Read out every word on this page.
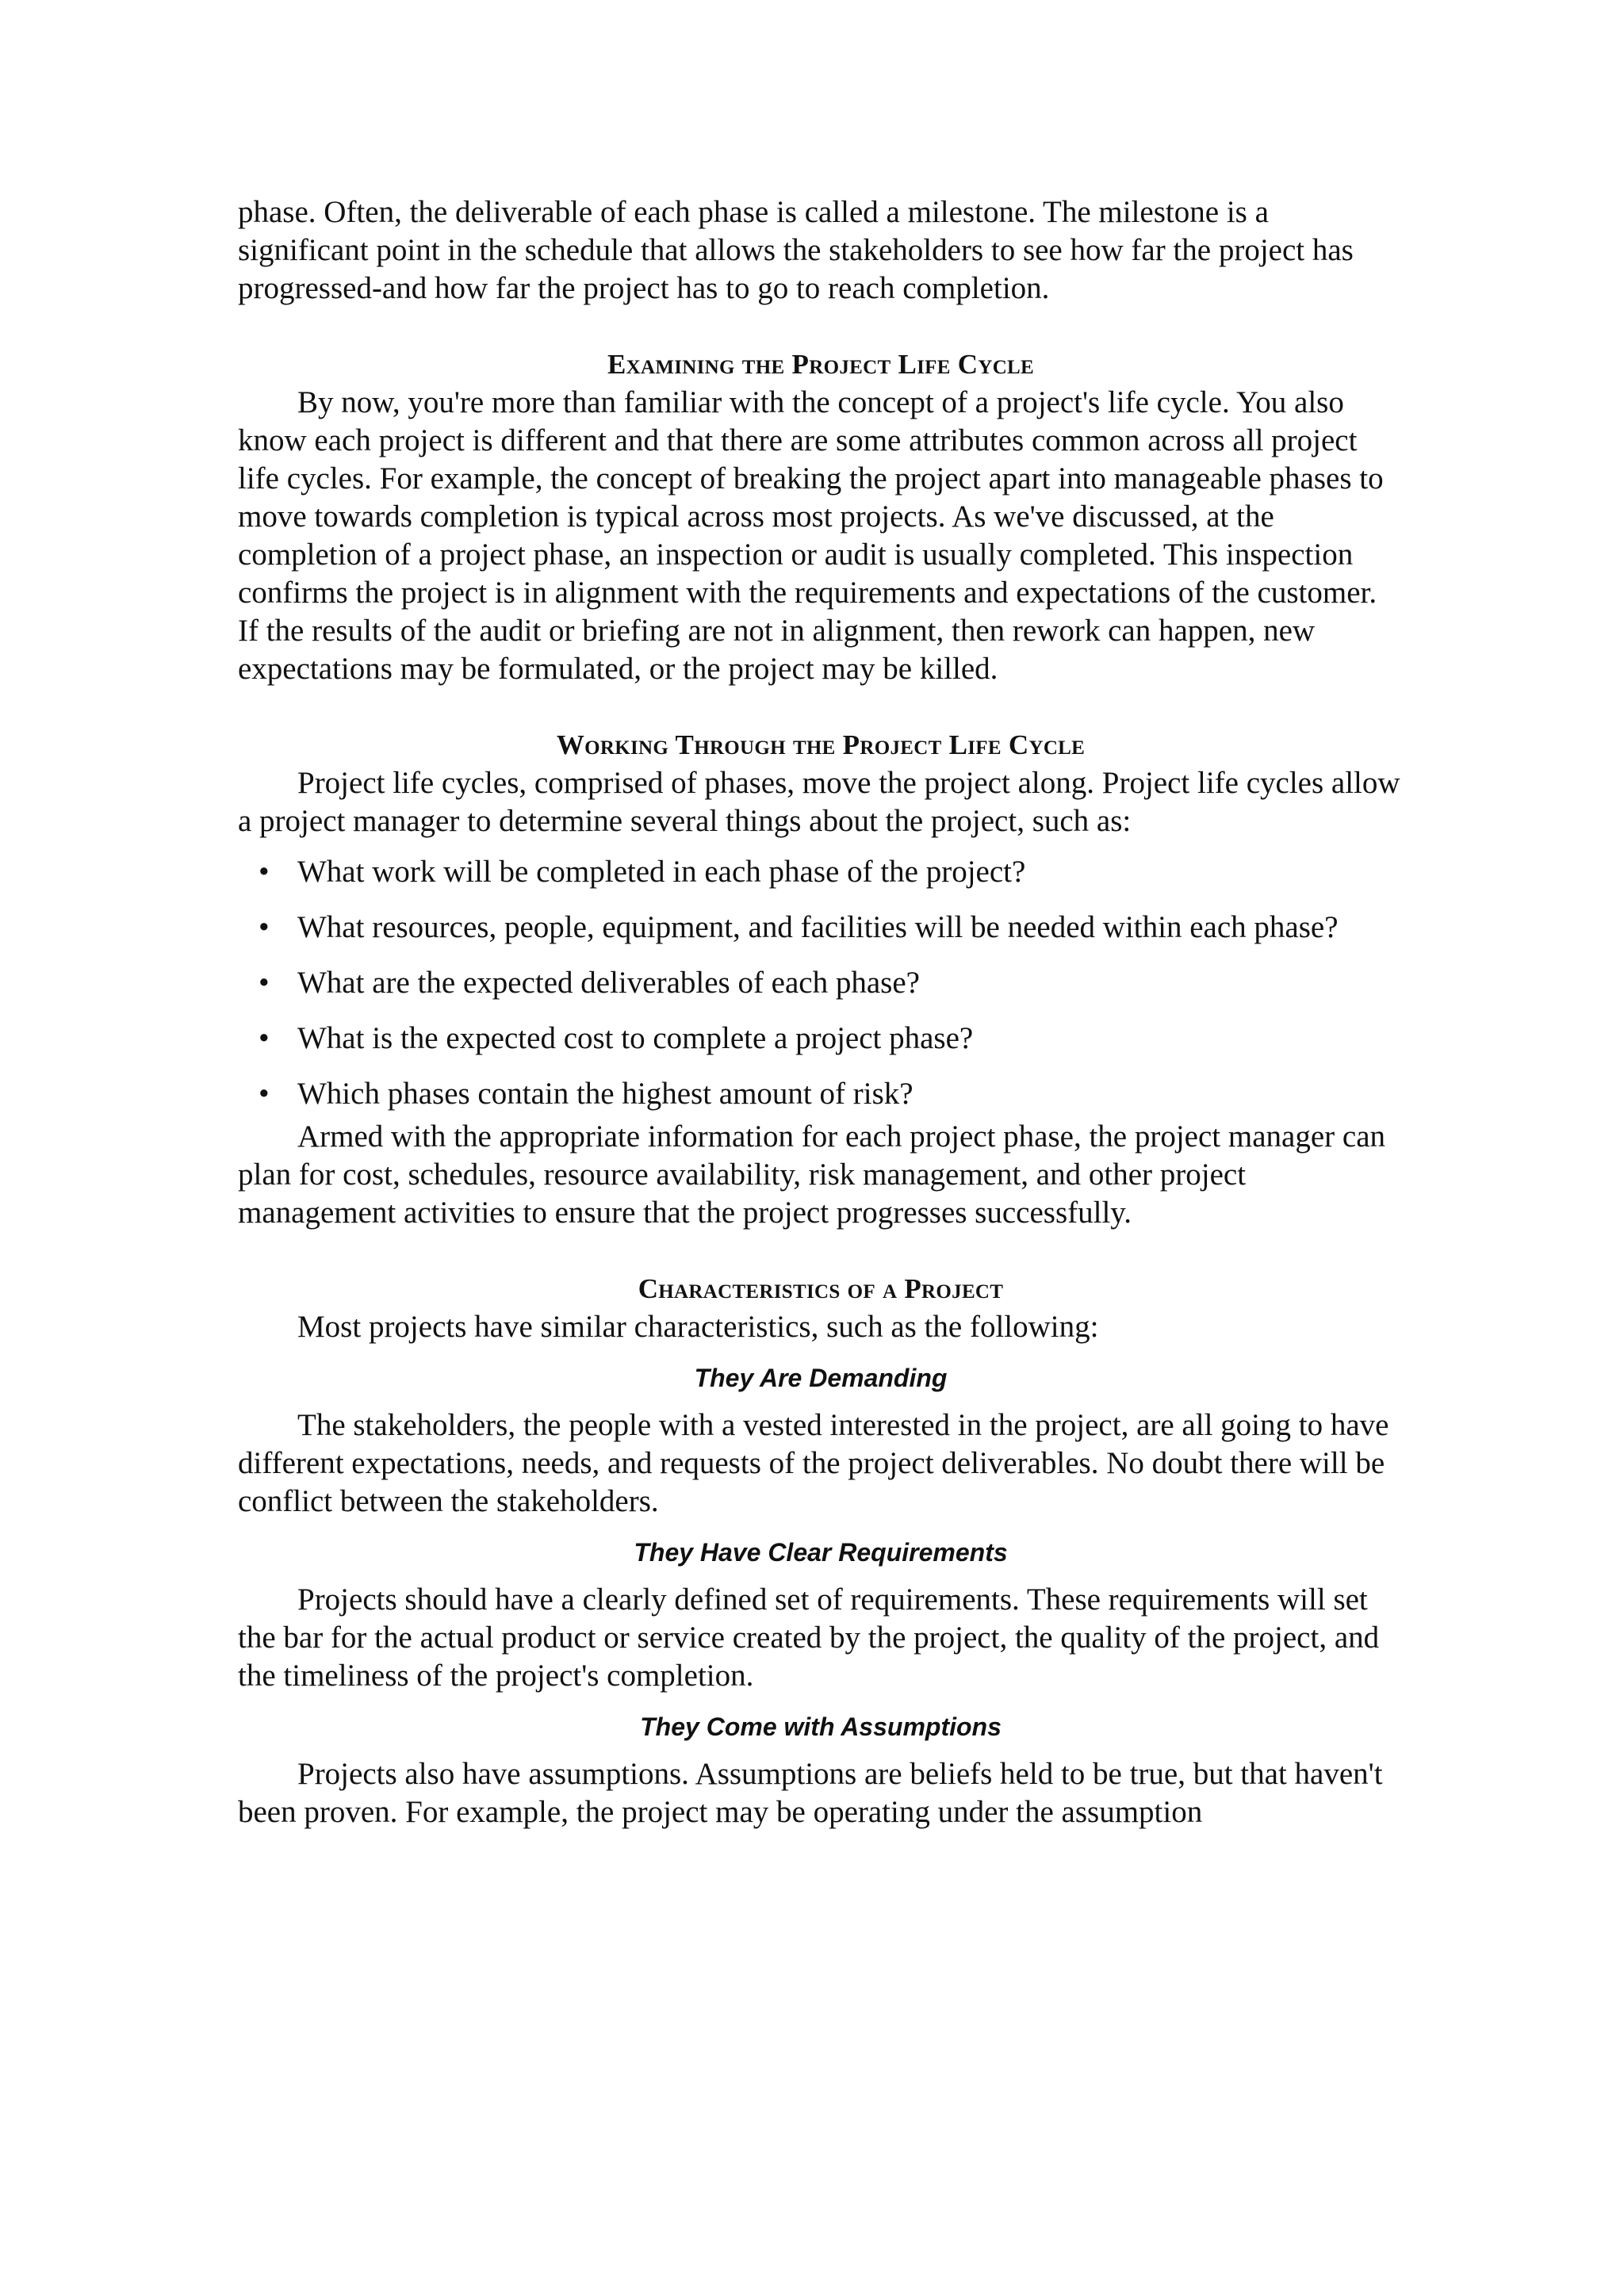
phase. Often, the deliverable of each phase is called a milestone. The milestone is a significant point in the schedule that allows the stakeholders to see how far the project has progressed-and how far the project has to go to reach completion.

Examining the Project Life Cycle

By now, you're more than familiar with the concept of a project's life cycle. You also know each project is different and that there are some attributes common across all project life cycles. For example, the concept of breaking the project apart into manageable phases to move towards completion is typical across most projects. As we've discussed, at the completion of a project phase, an inspection or audit is usually completed. This inspection confirms the project is in alignment with the requirements and expectations of the customer. If the results of the audit or briefing are not in alignment, then rework can happen, new expectations may be formulated, or the project may be killed.

Working Through the Project Life Cycle

Project life cycles, comprised of phases, move the project along. Project life cycles allow a project manager to determine several things about the project, such as:

• What work will be completed in each phase of the project?
• What resources, people, equipment, and facilities will be needed within each phase?
• What are the expected deliverables of each phase?
• What is the expected cost to complete a project phase?
• Which phases contain the highest amount of risk?

Armed with the appropriate information for each project phase, the project manager can plan for cost, schedules, resource availability, risk management, and other project management activities to ensure that the project progresses successfully.

Characteristics of a Project

Most projects have similar characteristics, such as the following:

They Are Demanding

The stakeholders, the people with a vested interested in the project, are all going to have different expectations, needs, and requests of the project deliverables. No doubt there will be conflict between the stakeholders.

They Have Clear Requirements

Projects should have a clearly defined set of requirements. These requirements will set the bar for the actual product or service created by the project, the quality of the project, and the timeliness of the project's completion.

They Come with Assumptions

Projects also have assumptions. Assumptions are beliefs held to be true, but that haven't been proven. For example, the project may be operating under the assumption
